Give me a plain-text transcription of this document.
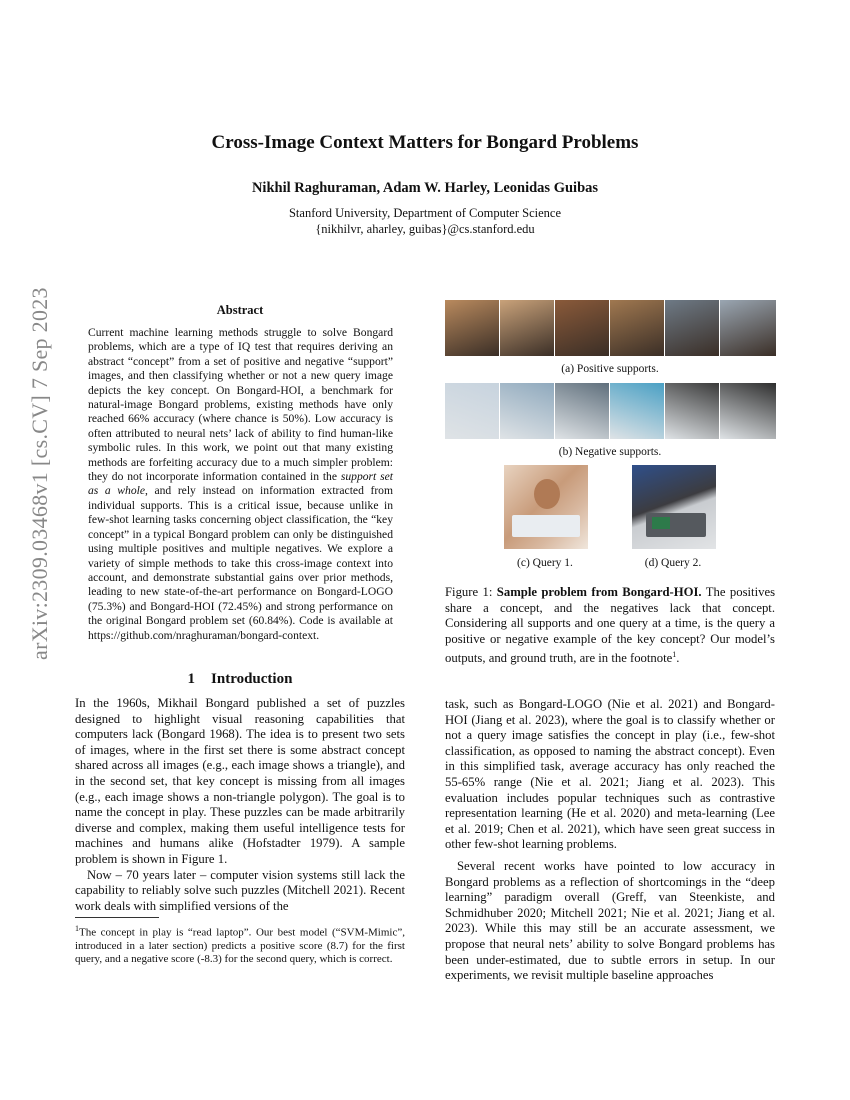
Cross-Image Context Matters for Bongard Problems
Nikhil Raghuraman, Adam W. Harley, Leonidas Guibas
Stanford University, Department of Computer Science
{nikhilvr, aharley, guibas}@cs.stanford.edu
arXiv:2309.03468v1 [cs.CV] 7 Sep 2023	Abstract
Current machine learning methods struggle to solve Bongard problems, which are a type of IQ test that requires deriving an abstract “concept” from a set of positive and negative “support” images, and then classifying whether or not a new query image depicts the key concept. On Bongard-HOI, a benchmark for natural-image Bongard problems, existing methods have only reached 66% accuracy (where chance is 50%). Low accuracy is often attributed to neural nets’ lack of ability to find human-like symbolic rules. In this work, we point out that many existing methods are forfeiting accuracy due to a much simpler problem: they do not incorporate information contained in the support set as a whole, and rely instead on information extracted from individual supports. This is a critical issue, because unlike in few-shot learning tasks concerning object classification, the “key concept” in a typical Bongard problem can only be distinguished using multiple positives and multiple negatives. We explore a variety of simple methods to take this cross-image context into account, and demonstrate substantial gains over prior methods, leading to new state-of-the-art performance on Bongard-LOGO (75.3%) and Bongard-HOI (72.45%) and strong performance on the original Bongard problem set (60.84%). Code is available at https://github.com/nraghuraman/bongard-context.
1 Introduction

In the 1960s, Mikhail Bongard published a set of puzzles designed to highlight visual reasoning capabilities that computers lack (Bongard 1968). The idea is to present two sets of images, where in the first set there is some abstract concept shared across all images (e.g., each image shows a triangle), and in the second set, that key concept is missing from all images (e.g., each image shows a non-triangle polygon). The goal is to name the concept in play. These puzzles can be made arbitrarily diverse and complex, making them useful intelligence tests for machines and humans alike (Hofstadter 1979). A sample problem is shown in Figure 1.

Now – 70 years later – computer vision systems still lack the capability to reliably solve such puzzles (Mitchell 2021). Recent work deals with simplified versions of the

$^1$The concept in play is “read laptop”. Our best model (“SVM-Mimic”, introduced in a later section) predicts a positive score (8.7) for the first query, and a negative score (-8.3) for the second query, which is correct.

task, such as Bongard-LOGO (Nie et al. 2021) and Bongard-HOI (Jiang et al. 2023), where the goal is to classify whether or not a query image satisfies the concept in play (i.e., few-shot classification, as opposed to naming the abstract concept). Even in this simplified task, average accuracy has only reached the 55-65% range (Nie et al. 2021; Jiang et al. 2023). This evaluation includes popular techniques such as contrastive representation learning (He et al. 2020) and meta-learning (Lee et al. 2019; Chen et al. 2021), which have seen great success in other few-shot learning problems.

Several recent works have pointed to low accuracy in Bongard problems as a reflection of shortcomings in the “deep learning” paradigm overall (Greff, van Steenkiste, and Schmidhuber 2020; Mitchell 2021; Nie et al. 2021; Jiang et al. 2023). While this may still be an accurate assessment, we propose that neural nets’ ability to solve Bongard problems has been under-estimated, due to subtle errors in setup. In our experiments, we revisit multiple baseline approaches

(a) Positive supports.
(b) Negative supports.
(c) Query 1.	(d) Query 2.
Figure 1: Sample problem from Bongard-HOI. The positives share a concept, and the negatives lack that concept. Considering all supports and one query at a time, is the query a positive or negative example of the key concept? Our model’s outputs, and ground truth, are in the footnote$^1$.
